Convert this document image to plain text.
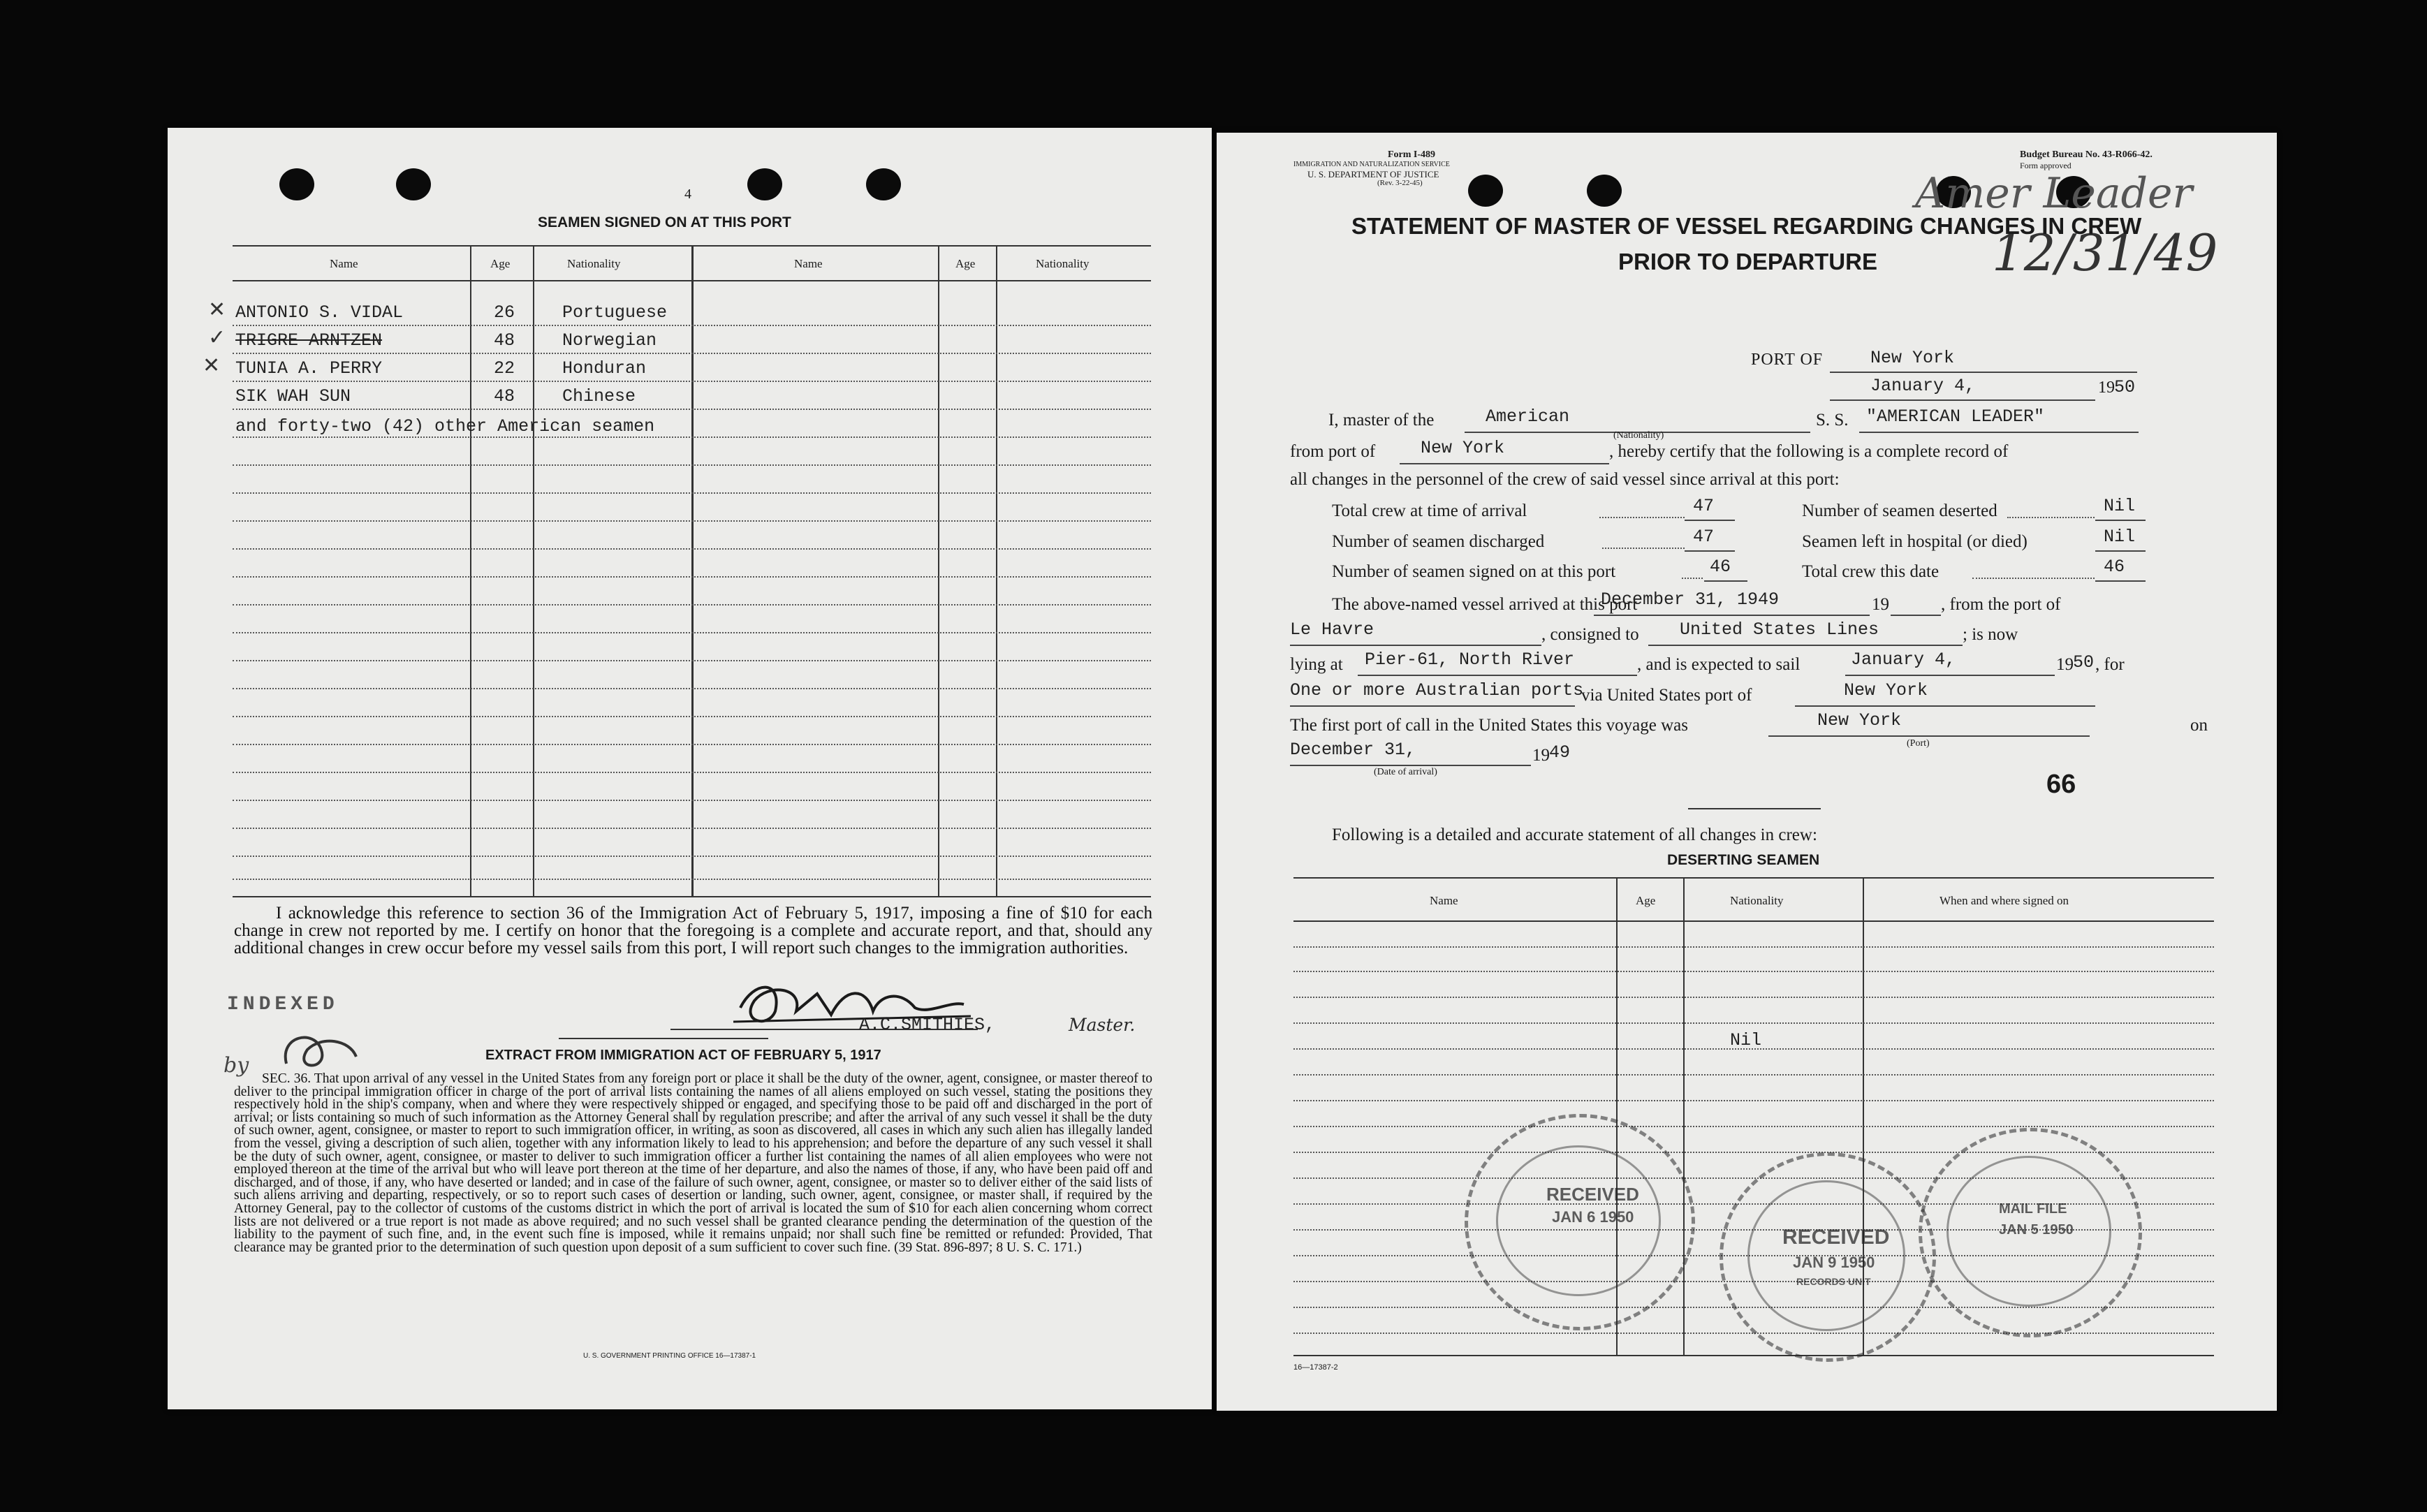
4
SEAMEN SIGNED ON AT THIS PORT
Name	Age	Nationality	Name	Age	Nationality
✕ ANTONIO S. VIDAL	26	Portuguese
✓ TRIGRE ARNTZEN	48	Norwegian
✕ TUNIA A. PERRY	22	Honduran
SIK WAH SUN	48	Chinese
and forty-two (42) other American seamen
I acknowledge this reference to section 36 of the Immigration Act of February 5, 1917, imposing a fine of $10 for each change in crew not reported by me. I certify on honor that the foregoing is a complete and accurate report, and that, should any additional changes in crew occur before my vessel sails from this port, I will report such changes to the immigration authorities.
A.C.SMITHIES,	Master.
INDEXED
by	EXTRACT FROM IMMIGRATION ACT OF FEBRUARY 5, 1917
SEC. 36. That upon arrival of any vessel in the United States from any foreign port or place it shall be the duty of the owner, agent, consignee, or master thereof to deliver to the principal immigration officer in charge of the port of arrival lists containing the names of all aliens employed on such vessel, stating the positions they respectively hold in the ship's company, when and where they were respectively shipped or engaged, and specifying those to be paid off and discharged in the port of arrival; or lists containing so much of such information as the Attorney General shall by regulation prescribe; and after the arrival of any such vessel it shall be the duty of such owner, agent, consignee, or master to report to such immigration officer, in writing, as soon as discovered, all cases in which any such alien has illegally landed from the vessel, giving a description of such alien, together with any information likely to lead to his apprehension; and before the departure of any such vessel it shall be the duty of such owner, agent, consignee, or master to deliver to such immigration officer a further list containing the names of all alien employees who were not employed thereon at the time of the arrival but who will leave port thereon at the time of her departure, and also the names of those, if any, who have been paid off and discharged, and of those, if any, who have deserted or landed; and in case of the failure of such owner, agent, consignee, or master so to deliver either of the said lists of such aliens arriving and departing, respectively, or so to report such cases of desertion or landing, such owner, agent, consignee, or master shall, if required by the Attorney General, pay to the collector of customs of the customs district in which the port of arrival is located the sum of $10 for each alien concerning whom correct lists are not delivered or a true report is not made as above required; and no such vessel shall be granted clearance pending the determination of the question of the liability to the payment of such fine, and, in the event such fine is imposed, while it remains unpaid; nor shall such fine be remitted or refunded: Provided, That clearance may be granted prior to the determination of such question upon deposit of a sum sufficient to cover such fine. (39 Stat. 896-897; 8 U. S. C. 171.)
U. S. GOVERNMENT PRINTING OFFICE 16—17387-1
Form I-489
IMMIGRATION AND NATURALIZATION SERVICE
U. S. DEPARTMENT OF JUSTICE
(Rev. 3-22-45)
Budget Bureau No. 43-R066-42.
Form approved
Amer Leader
12/31/49
STATEMENT OF MASTER OF VESSEL REGARDING CHANGES IN CREW
PRIOR TO DEPARTURE
PORT OF	New York
January 4,	19 50
I, master of the	American
(Nationality)
S. S. "AMERICAN LEADER"
from port of	New York	, hereby certify that the following is a complete record of
all changes in the personnel of the crew of said vessel since arrival at this port:
Total crew at time of arrival	47
Number of seamen discharged	47
Number of seamen signed on at this port	46
Number of seamen deserted	Nil
Seamen left in hospital (or died)	Nil
Total crew this date	46
The above-named vessel arrived at this port
December 31, 1949	19	, from the port of
Le Havre	, consigned to United States Lines	; is now
lying at Pier-61, North River	, and is expected to sail	January 4,	19 50 , for
One or more Australian ports
via United States port of	New York
The first port of call in the United States this voyage was	New York
(Port)
on
December 31,	19 49
(Date of arrival)	66
Following is a detailed and accurate statement of all changes in crew:
DESERTING SEAMEN
Name	Age	Nationality	When and where signed on
Nil
RECEIVED
JAN 6 1950
RECEIVED
JAN 9 1950
RECORDS UNIT
MAIL FILE
JAN 5 1950
16—17387-2
